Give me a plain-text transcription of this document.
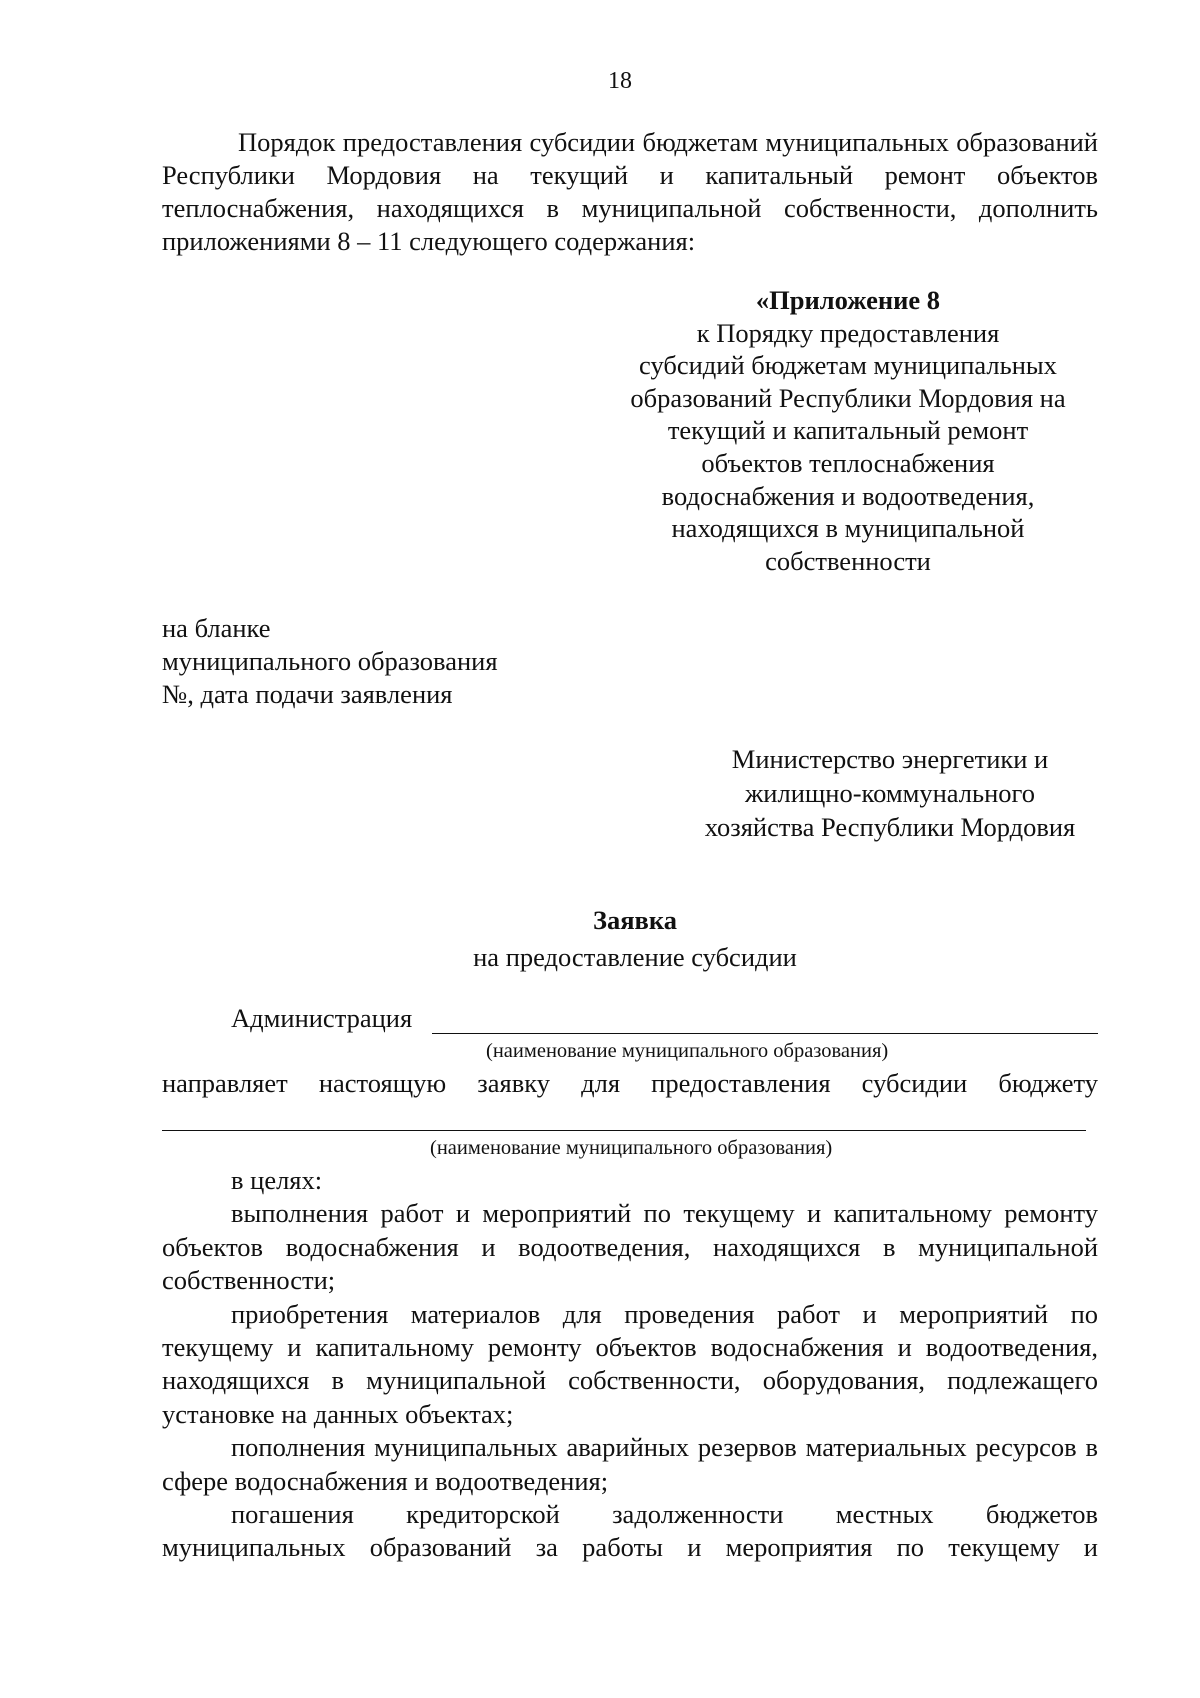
18

Порядок предоставления субсидии бюджетам муниципальных образований Республики Мордовия на текущий и капитальный ремонт объектов теплоснабжения, находящихся в муниципальной собственности, дополнить приложениями 8 – 11 следующего содержания:

«Приложение 8
к Порядку предоставления
субсидий бюджетам муниципальных
образований Республики Мордовия на
текущий и капитальный ремонт
объектов теплоснабжения
водоснабжения и водоотведения,
находящихся в муниципальной
собственности
на бланке
муниципального образования
№, дата подачи заявления
Министерство энергетики и
жилищно-коммунального
хозяйства Республики Мордовия
Заявка
на предоставление субсидии
Администрация
(наименование муниципального образования)

направляет настоящую заявку для предоставления субсидии бюджету

(наименование муниципального образования)

в целях:

выполнения работ и мероприятий по текущему и капитальному ремонту объектов водоснабжения и водоотведения, находящихся в муниципальной собственности;

приобретения материалов для проведения работ и мероприятий по текущему и капитальному ремонту объектов водоснабжения и водоотведения, находящихся в муниципальной собственности, оборудования, подлежащего установке на данных объектах;

пополнения муниципальных аварийных резервов материальных ресурсов в сфере водоснабжения и водоотведения;

погашения кредиторской задолженности местных бюджетов муниципальных образований за работы и мероприятия по текущему и
